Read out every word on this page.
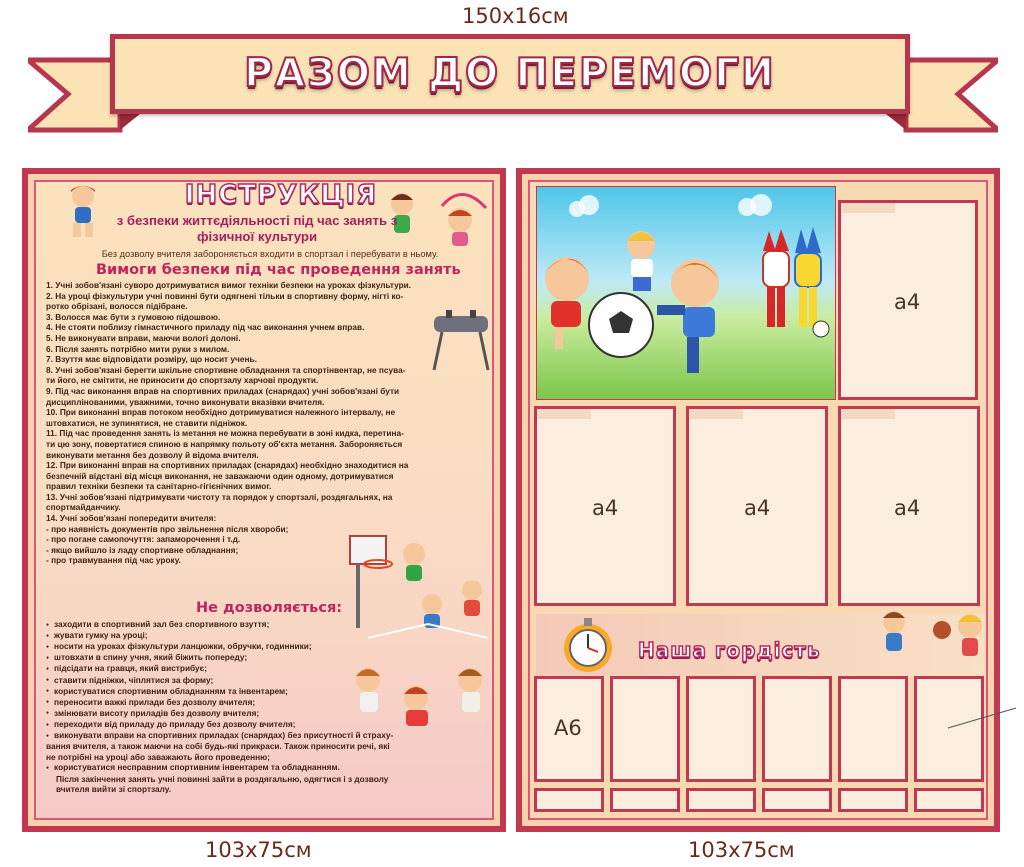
150x16см
103x75см	103x75см
РАЗОМ ДО ПЕРЕМОГИ
ІНСТРУКЦІЯ
з безпеки життєдіяльності під час занять з фізичної культури
Без дозволу вчителя забороняється входити в спортзал і перебувати в ньому.
Вимоги безпеки під час проведення занять
1. Учні зобов'язані суворо дотримуватися вимог техніки безпеки на уроках фізкультури.
2. На уроці фізкультури учні повинні бути одягнені тільки в спортивну форму, нігті ко-
ротко обрізані, волосся підібране.
3. Волосся має бути з гумовою підошвою.
4. Не стояти поблизу гімнастичного приладу під час виконання учнем вправ.
5. Не виконувати вправи, маючи вологі долоні.
6. Після занять потрібно мити руки з милом.
7. Взуття має відповідати розміру, що носит учень.
8. Учні зобов'язані берегти шкільне спортивне обладнання та спортінвентар, не псува-
ти його, не смітити, не приносити до спортзалу харчові продукти.
9. Під час виконання вправ на спортивних приладах (снарядах) учні зобов'язані бути
дисциплінованими, уважними, точно виконувати вказівки вчителя.
10. При виконанні вправ потоком необхідно дотримуватися належного інтервалу, не
штовхатися, не зупинятися, не ставити підніжок.
11. Під час проведення занять із метання не можна перебувати в зоні кидка, перетина-
ти цю зону, повертатися спиною в напрямку польоту об'єкта метання. Забороняється
виконувати метання без дозволу й відома вчителя.
12. При виконанні вправ на спортивних приладах (снарядах) необхідно знаходитися на
безпечній відстані від місця виконання, не заважаючи один одному, дотримуватися
правил техніки безпеки та санітарно-гігієнічних вимог.
13. Учні зобов'язані підтримувати чистоту та порядок у спортзалі, роздягальнях, на
спортмайданчику.
14. Учні зобов'язані попередити вчителя:
- про наявність документів про звільнення після хвороби;
- про погане самопочуття: запаморочення і т.д.
- якщо вийшло із ладу спортивне обладнання;
- про травмування під час уроку.
Не дозволяється:
● заходити в спортивний зал без спортивного взуття;
● жувати гумку на уроці;
● носити на уроках фізкультури ланцюжки, обручки, годинники;
● штовхати в спину учня, який біжить попереду;
● підсідати на гравця, який вистрибує;
● ставити підніжки, чіплятися за форму;
● користуватися спортивним обладнанням та інвентарем;
● переносити важкі прилади без дозволу вчителя;
● змінювати висоту приладів без дозволу вчителя;
● переходити від приладу до приладу без дозволу вчителя;
● виконувати вправи на спортивних приладах (снарядах) без присутності й страху-
вання вчителя, а також маючи на собі будь-які прикраси. Також приносити речі, які
не потрібні на уроці або заважають його проведенню;
● користуватися несправним спортивним інвентарем та обладнанням.
Після закінчення занять учні повинні зайти в роздягальню, одягтися і з дозволу
вчителя вийти зі спортзалу.
а4
а4	а4	а4
Наша гордість
А6
